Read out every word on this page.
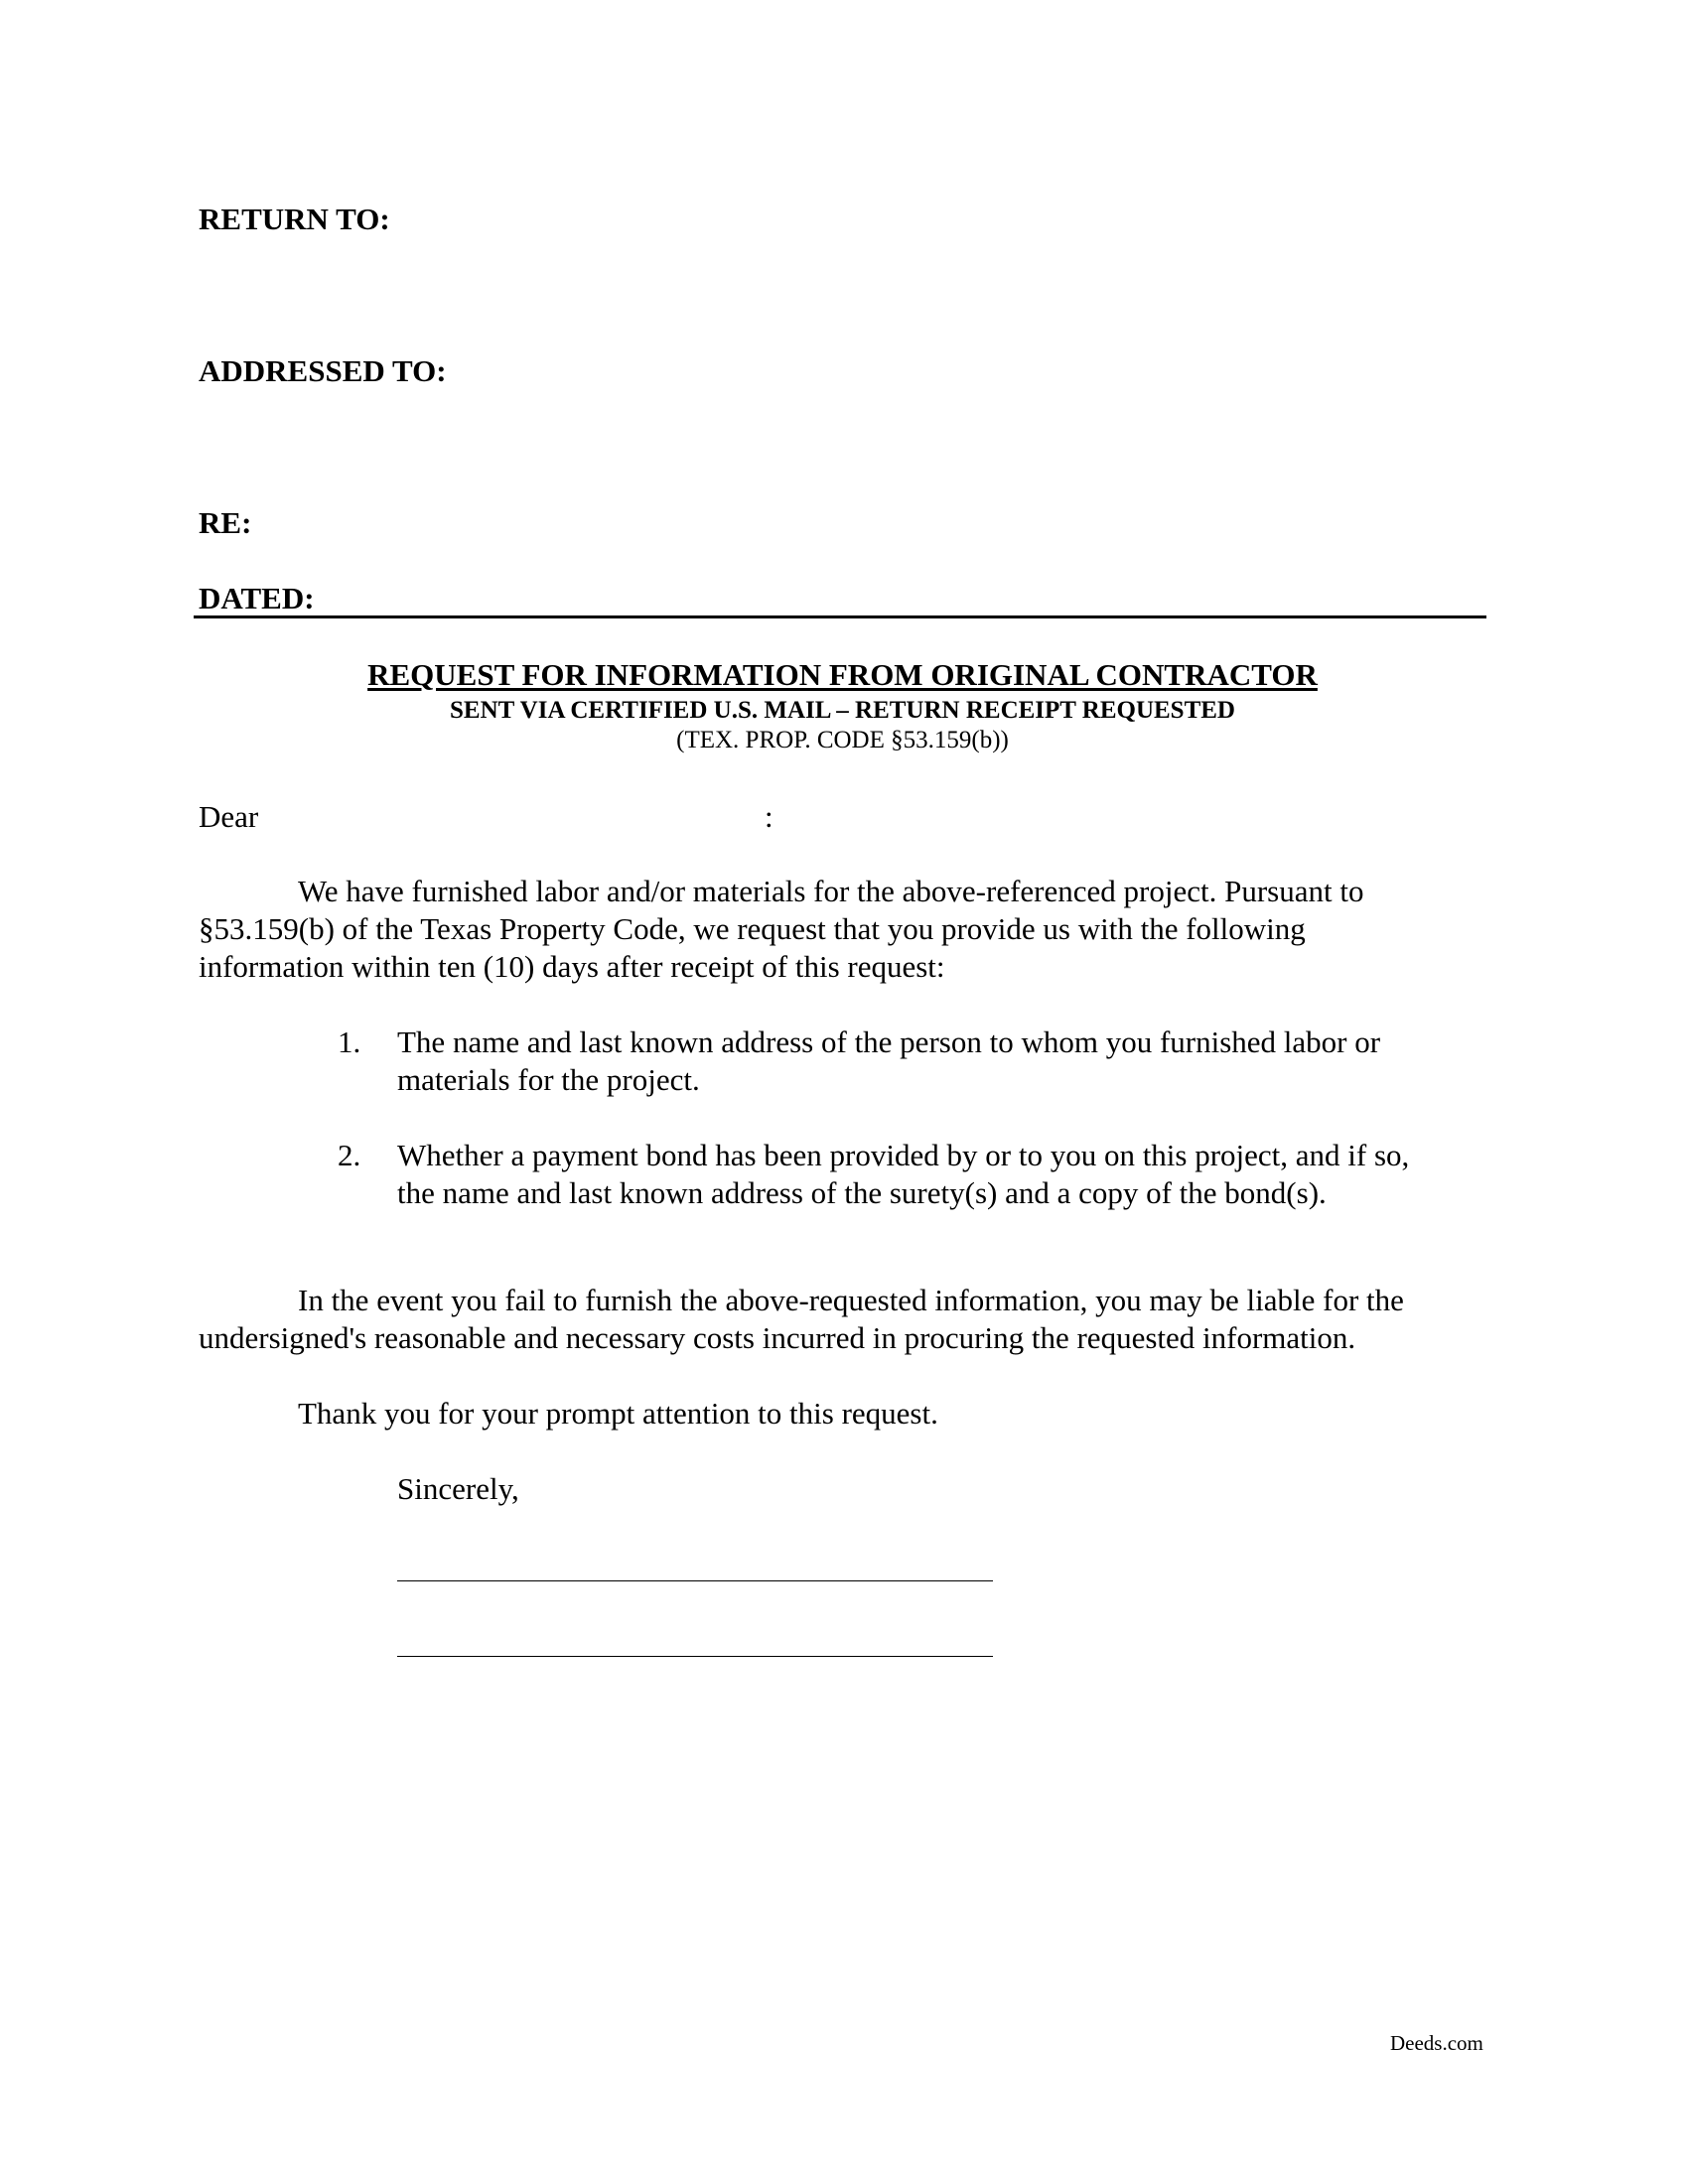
RETURN TO:
ADDRESSED TO:
RE:
DATED:
REQUEST FOR INFORMATION FROM ORIGINAL CONTRACTOR
SENT VIA CERTIFIED U.S. MAIL – RETURN RECEIPT REQUESTED
(TEX. PROP. CODE §53.159(b))
Dear	:
We have furnished labor and/or materials for the above-referenced project. Pursuant to
§53.159(b) of the Texas Property Code, we request that you provide us with the following
information within ten (10) days after receipt of this request:
1. The name and last known address of the person to whom you furnished labor or
materials for the project.
2. Whether a payment bond has been provided by or to you on this project, and if so,
the name and last known address of the surety(s) and a copy of the bond(s).
In the event you fail to furnish the above-requested information, you may be liable for the
undersigned's reasonable and necessary costs incurred in procuring the requested information.
Thank you for your prompt attention to this request.
Sincerely,
Deeds.com
